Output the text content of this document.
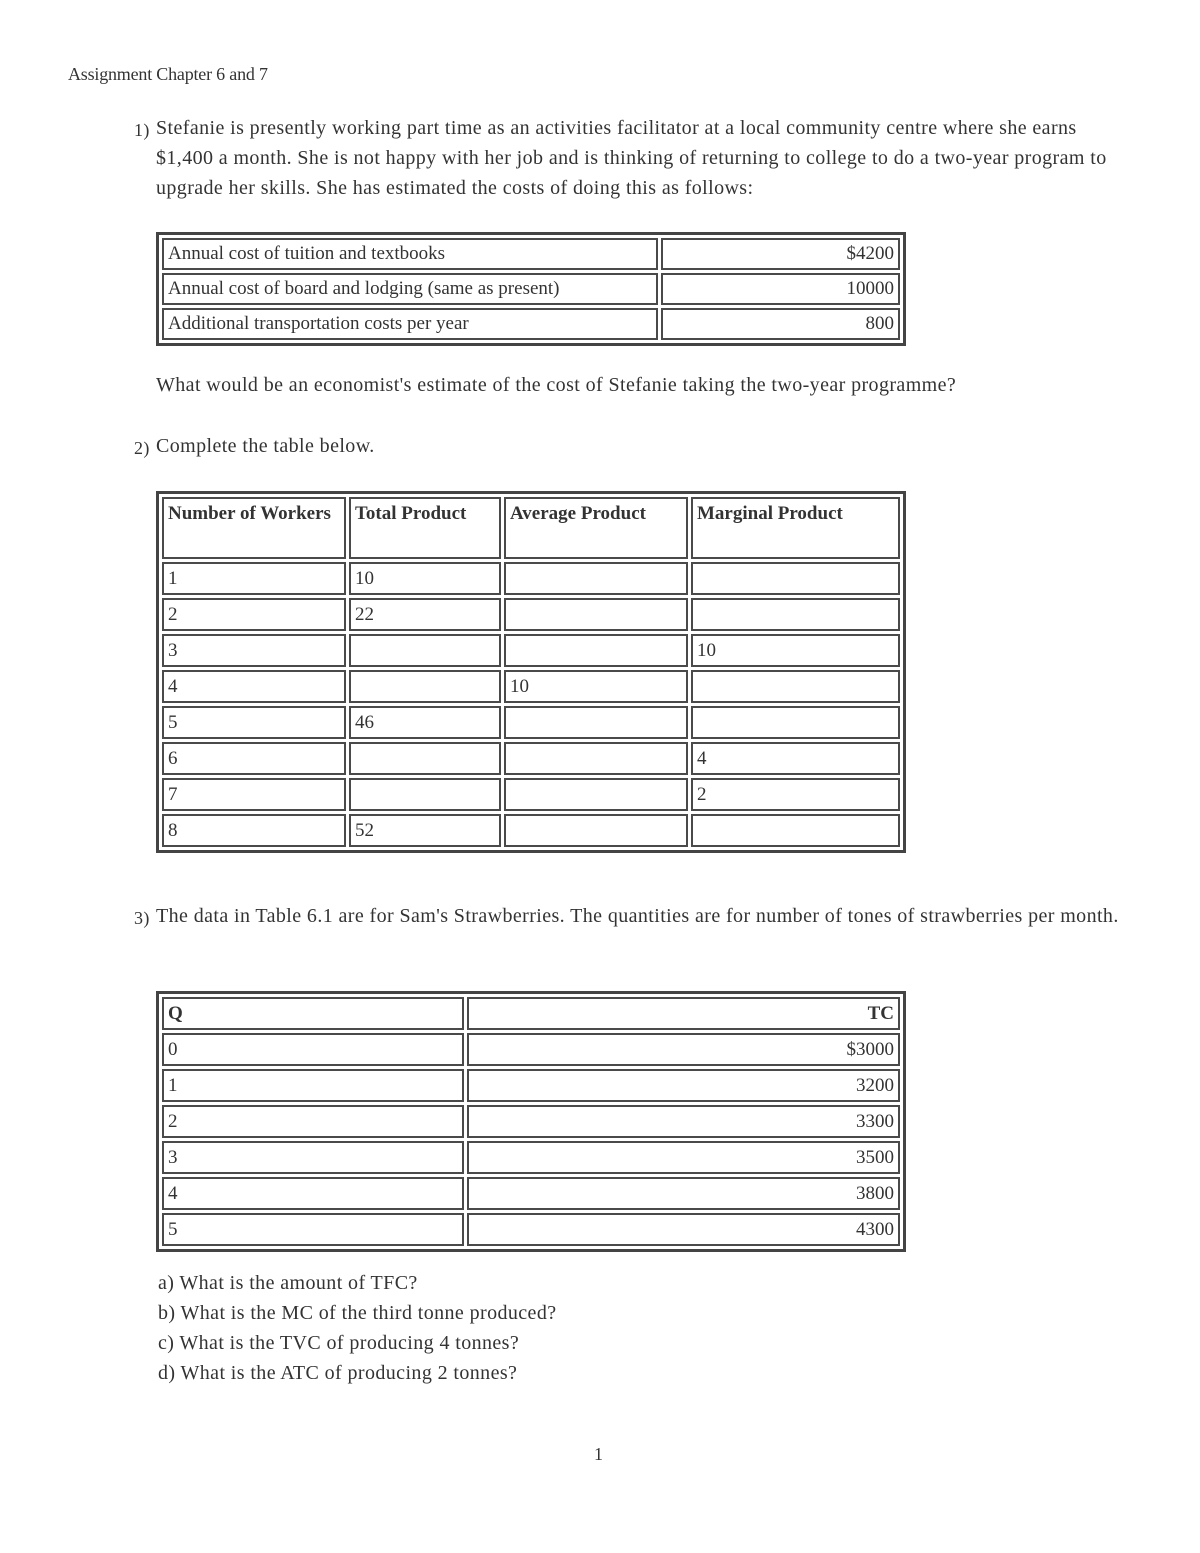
Assignment Chapter 6 and 7
1) Stefanie is presently working part time as an activities facilitator at a local community centre where she earns $1,400 a month. She is not happy with her job and is thinking of returning to college to do a two-year program to upgrade her skills. She has estimated the costs of doing this as follows:
Annual cost of tuition and textbooks	$4200
Annual cost of board and lodging (same as present)	10000
Additional transportation costs per year	800
What would be an economist's estimate of the cost of Stefanie taking the two-year programme?
2) Complete the table below.
Number of Workers	Total Product	Average Product	Marginal Product
1	10		
2	22		
3			10
4		10	
5	46		
6			4
7			2
8	52		
3) The data in Table 6.1 are for Sam's Strawberries. The quantities are for number of tones of strawberries per month.
Q	TC
0	$3000
1	3200
2	3300
3	3500
4	3800
5	4300
a) What is the amount of TFC?
b) What is the MC of the third tonne produced?
c) What is the TVC of producing 4 tonnes?
d) What is the ATC of producing 2 tonnes?
1
